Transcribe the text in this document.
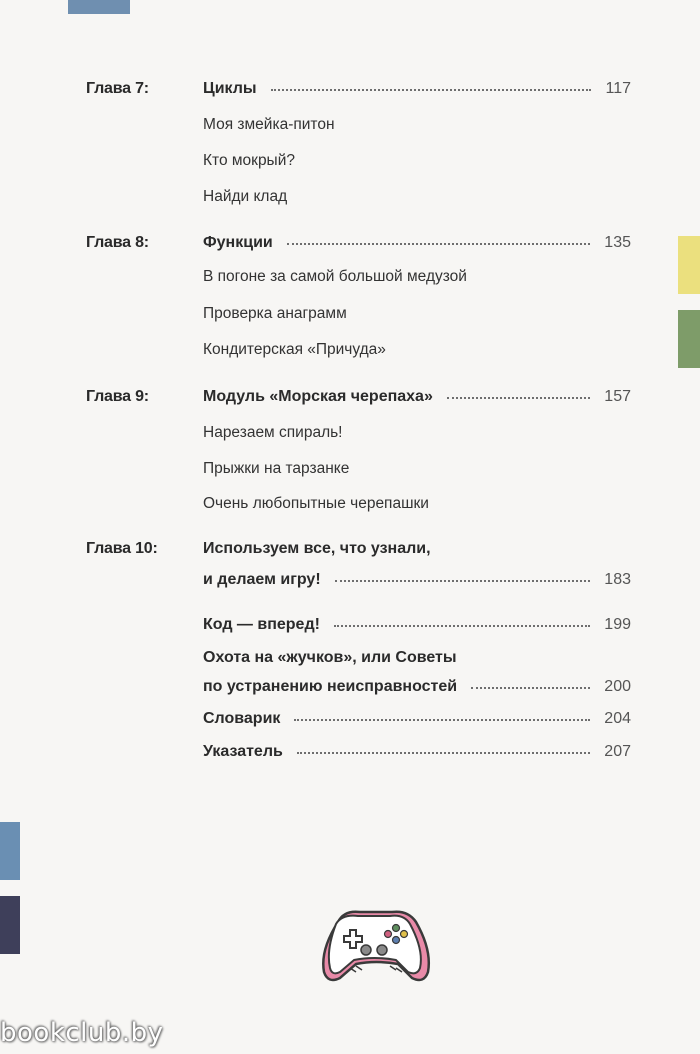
Глава 7:	Циклы	117
Моя змейка-питон
Кто мокрый?
Найди клад
Глава 8:	Функции	135
В погоне за самой большой медузой
Проверка анаграмм
Кондитерская «Причуда»
Глава 9:	Модуль «Морская черепаха»	157
Нарезаем спираль!
Прыжки на тарзанке
Очень любопытные черепашки
Глава 10:	Используем все, что узнали,
и делаем игру!	183
Код — вперед!	199
Охота на «жучков», или Советы
по устранению неисправностей	200
Словарик	204
Указатель	207
bookclub.by
